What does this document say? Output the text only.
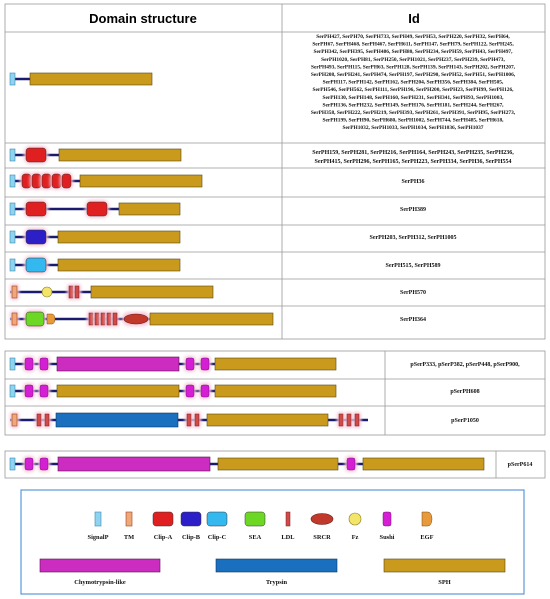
Domain structure	Id
SerPH427, SerPH70, SerPH733, SerPH49, SerPH53, SerPH220, SerPH32, SerPH64,
SerPH67, SerPH468, SerPH467, SerPH611, SerPH147, SerPH79, SerPH122, SerPH245,
SerPH342, SerPH395, SerPH486, SerPH80, SerPH234, SerPH59, SerPH43, SerPH497,
SerPH1020, SerPH81, SerPH250, SerPH1021, SerPH237, SerPH239, SerPH473,
SerPH493, SerPH115, SerPH63, SerPH128, SerPH139, SerPH143, SerPH202, SerPH207,
SerPH208, SerPH241, SerPH474, SerPH197, SerPH290, SerPH52, SerPH51, SerPH1006,
SerPH117, SerPH142, SerPH162, SerPH204, SerPH356, SerPH384, SerPH505,
SerPH546, SerPH562, SerPH111, SerPH196, SerPH200, SerPH23, SerPH99, SerPH126,
SerPH130, SerPH148, SerPH160, SerPH231, SerPH341, SerPH93, SerPH1003,
SerPH136, SerPH232, SerPH149, SerPH176, SerPH181, SerPH244, SerPH267,
SerPH358, SerPH222, SerPH219, SerPH393, SerPH261, SerPH391, SerPH95, SerPH273,
SerPH199, SerPH90, SerPH680, SerPH1002, SerPH744, SerPH485, SerPH618,
SerPH1032, SerPH1033, SerPH1034, SerPH1036, SerPH1037
SerPH159, SerPH281, SerPH216, SerPH164, SerPH243, SerPH235, SerPH236,
SerPH415, SerPH296, SerPH165, SerPH223, SerPH334, SerPH36, SerPH554
SerPH36
SerPH389
SerPH203, SerPH312, SerPH1005
SerPH515, SerPH589
SerPH570
SerPH364
pSerP333, pSerP382, pSerP448, pSerP900,
pSerPH608
pSerP1050
pSerP614
SignalP TM	Clip-A Clip-B Clip-C	SEA	LDL	SRCR	Fz	Sushi	EGF
Chymotrypsin-like	Trypsin	SPH
